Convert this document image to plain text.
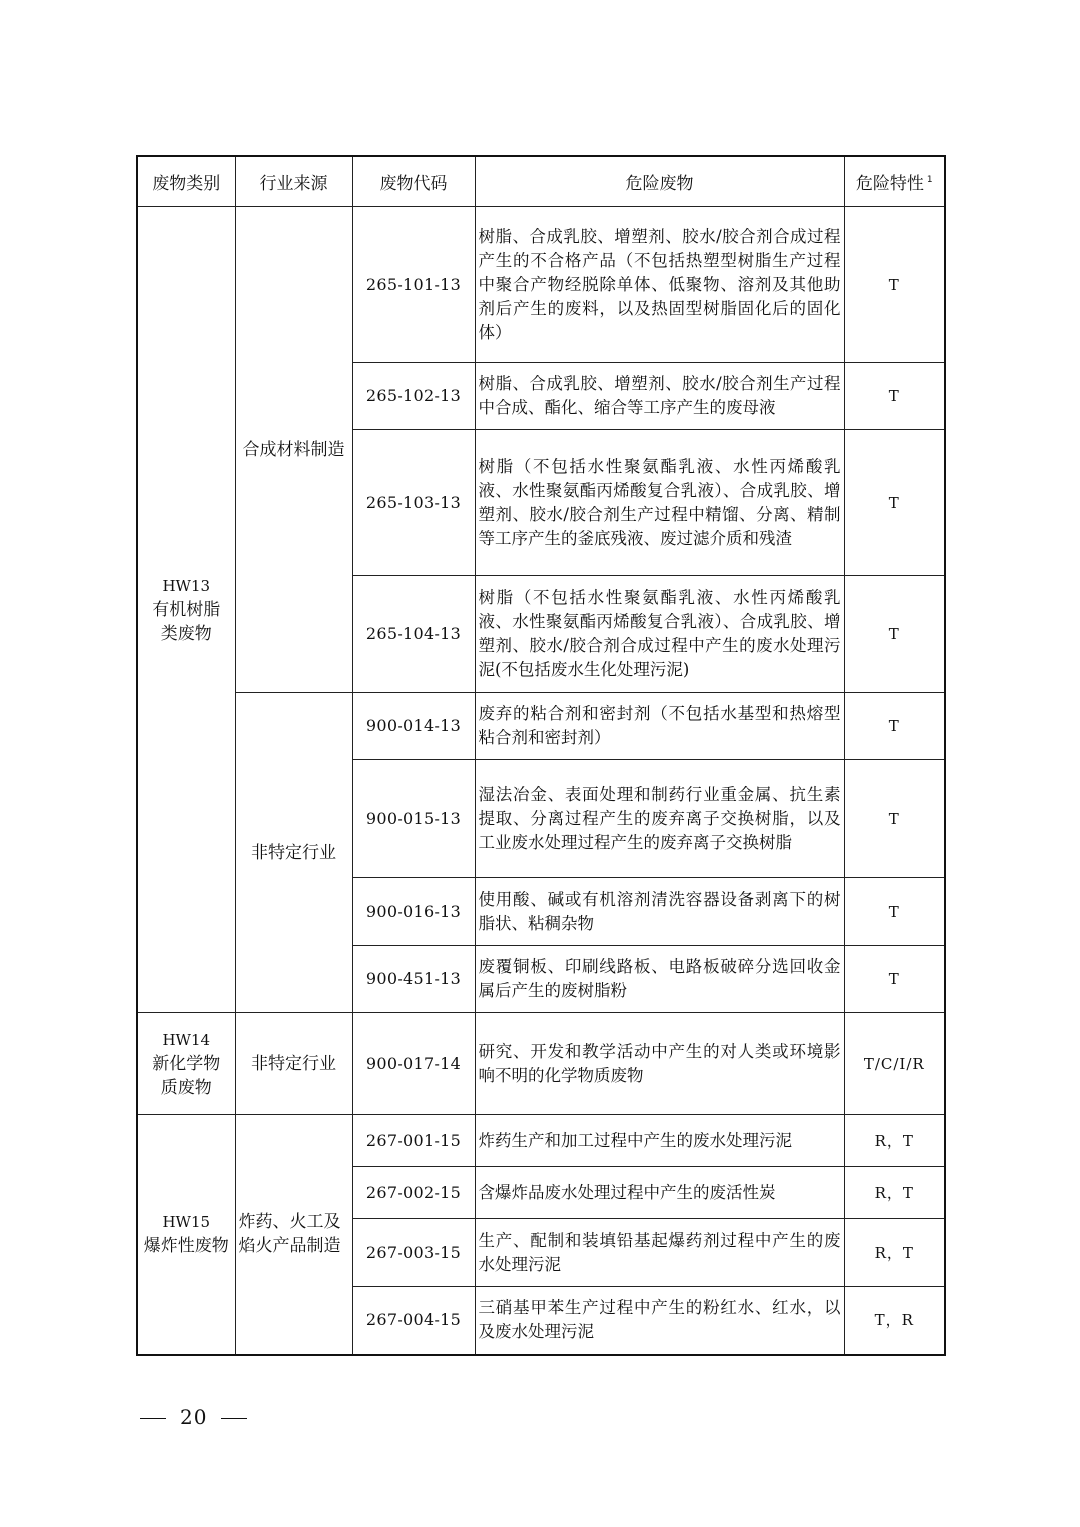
废物类别	行业来源	废物代码	危险废物	危险特性 $^1$

HW13
有机树脂类废物	合成材料制造	265-101-13	树脂、合成乳胶、增塑剂、胶水/胶合剂合成过程产生的不合格产品（不包括热塑型树脂生产过程中聚合产物经脱除单体、低聚物、溶剂及其他助剂后产生的废料，以及热固型树脂固化后的固化体）	T
		265-102-13	树脂、合成乳胶、增塑剂、胶水/胶合剂生产过程中合成、酯化、缩合等工序产生的废母液	T
		265-103-13	树脂（不包括水性聚氨酯乳液、水性丙烯酸乳液、水性聚氨酯丙烯酸复合乳液）、合成乳胶、增塑剂、胶水/胶合剂生产过程中精馏、分离、精制等工序产生的釜底残液、废过滤介质和残渣	T
		265-104-13	树脂（不包括水性聚氨酯乳液、水性丙烯酸乳液、水性聚氨酯丙烯酸复合乳液）、合成乳胶、增塑剂、胶水/胶合剂合成过程中产生的废水处理污泥(不包括废水生化处理污泥)	T
	非特定行业	900-014-13	废弃的粘合剂和密封剂（不包括水基型和热熔型粘合剂和密封剂）	T
		900-015-13	湿法冶金、表面处理和制药行业重金属、抗生素提取、分离过程产生的废弃离子交换树脂，以及工业废水处理过程产生的废弃离子交换树脂	T
		900-016-13	使用酸、碱或有机溶剂清洗容器设备剥离下的树脂状、粘稠杂物	T
		900-451-13	废覆铜板、印刷线路板、电路板破碎分选回收金属后产生的废树脂粉	T

HW14
新化学物质废物	非特定行业	900-017-14	研究、开发和教学活动中产生的对人类或环境影响不明的化学物质废物	T/C/I/R

HW15
爆炸性废物	炸药、火工及焰火产品制造	267-001-15	炸药生产和加工过程中产生的废水处理污泥	R，T
		267-002-15	含爆炸品废水处理过程中产生的废活性炭	R，T
		267-003-15	生产、配制和装填铅基起爆药剂过程中产生的废水处理污泥	R，T
		267-004-15	三硝基甲苯生产过程中产生的粉红水、红水，以及废水处理污泥	T，R
20
